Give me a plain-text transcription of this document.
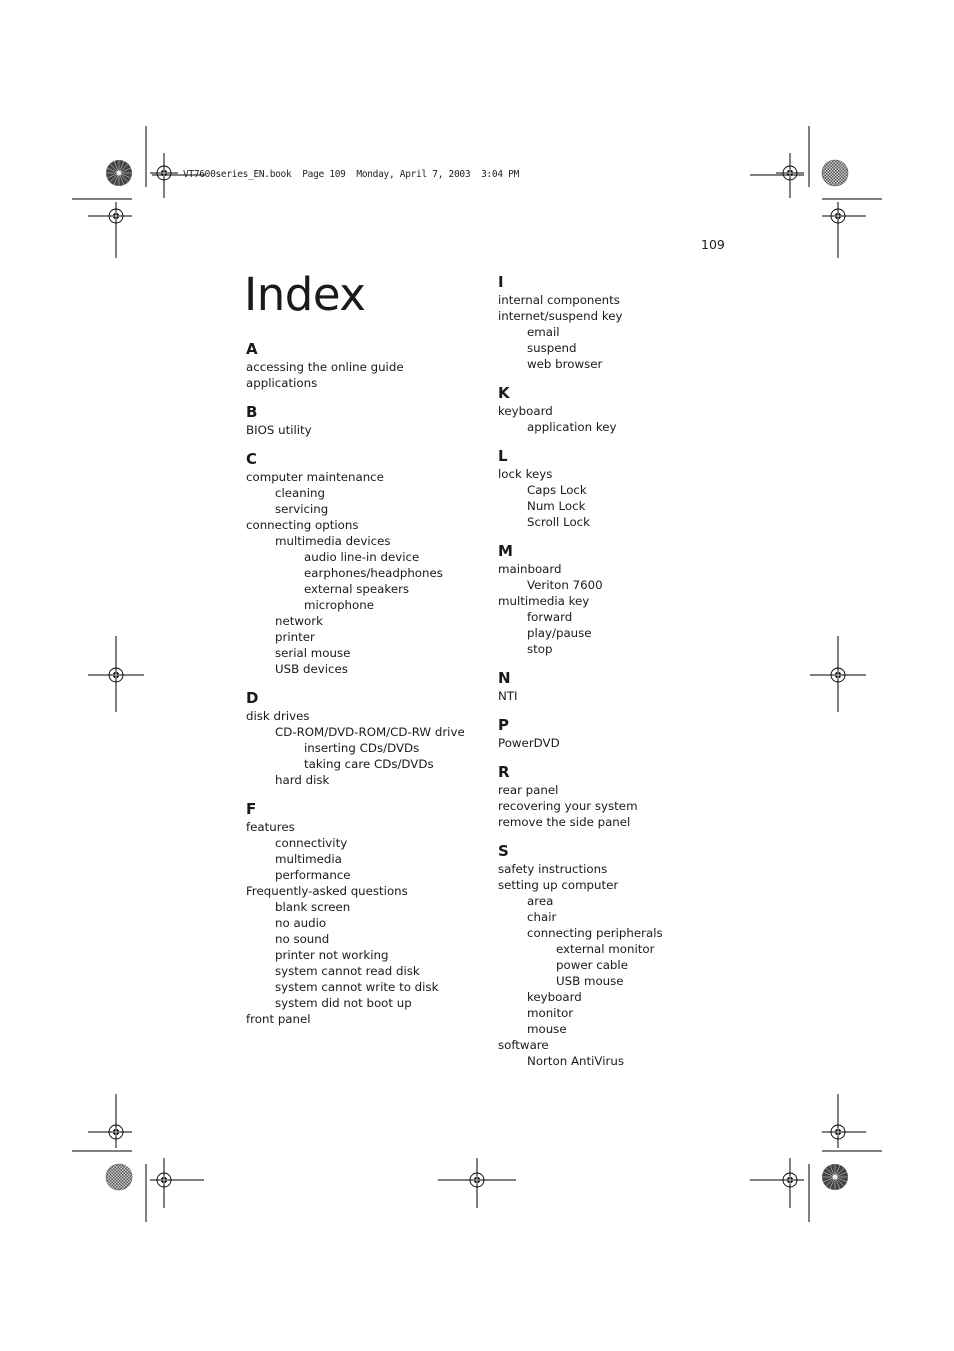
VT7600series_EN.book  Page 109  Monday, April 7, 2003  3:04 PM
109
Index
A
accessing the online guide
applications
B
BIOS utility
C
computer maintenance
cleaning
servicing
connecting options
multimedia devices
audio line-in device
earphones/headphones
external speakers
microphone
network
printer
serial mouse
USB devices
D
disk drives
CD-ROM/DVD-ROM/CD-RW drive
inserting CDs/DVDs
taking care CDs/DVDs
hard disk
F
features
connectivity
multimedia
performance
Frequently-asked questions
blank screen
no audio
no sound
printer not working
system cannot read disk
system cannot write to disk
system did not boot up
front panel
I
internal components
internet/suspend key
email
suspend
web browser
K
keyboard
application key
L
lock keys
Caps Lock
Num Lock
Scroll Lock
M
mainboard
Veriton 7600
multimedia key
forward
play/pause
stop
N
NTI
P
PowerDVD
R
rear panel
recovering your system
remove the side panel
S
safety instructions
setting up computer
area
chair
connecting peripherals
external monitor
power cable
USB mouse
keyboard
monitor
mouse
software
Norton AntiVirus
